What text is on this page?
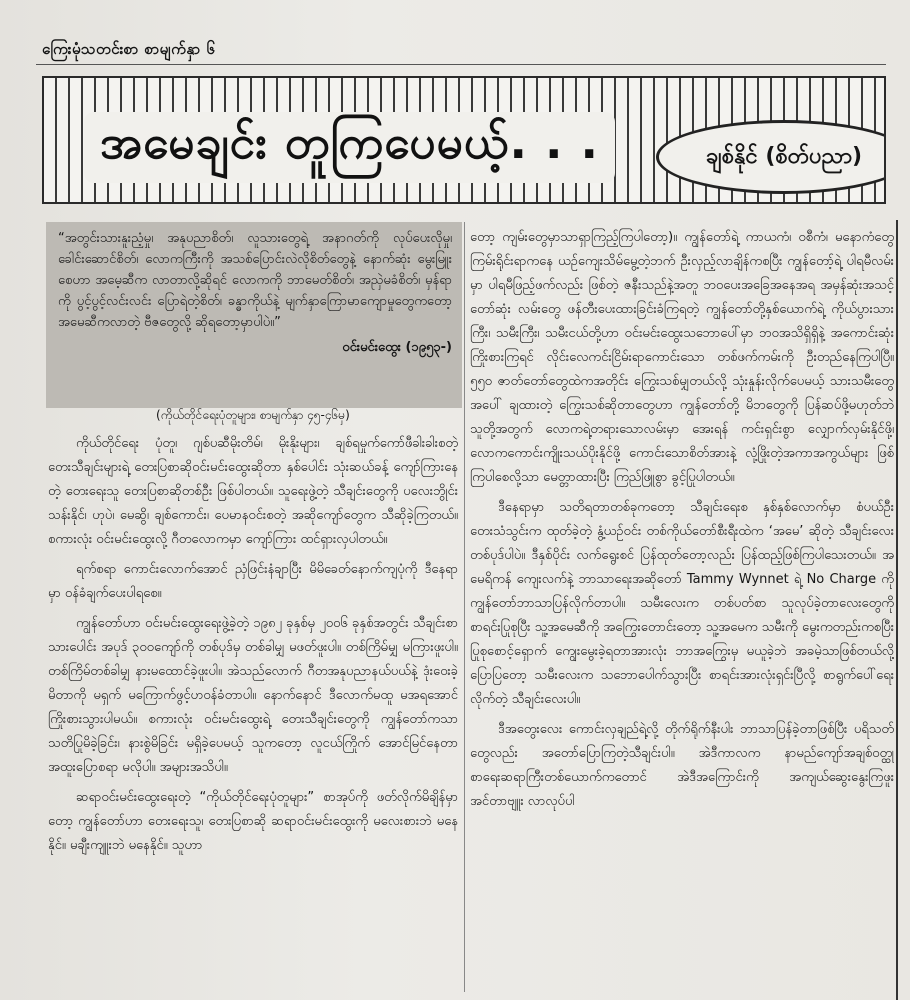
ကြေးမုံသတင်းစာ စာမျက်နှာ ၆
အမေချင်း တူကြပေမယ့်. . .	ချစ်နိုင် (စိတ်ပညာ)
“အတွင်းသားနူးညံ့မှု၊ အနုပညာစိတ်၊ လူသားတွေရဲ့ အနာဂတ်ကို လုပ်ပေးလိုမှု၊ ခေါင်းဆောင်စိတ်၊ လောကကြီးကို အသစ်ပြောင်းလဲလိုစိတ်တွေနဲ့ နောက်ဆုံး မွေးမြူးစေဟာ အမေ့ဆီက လာတာလို့ဆိုရင် လောကကို ဘာမေတ်စိတ်၊ အညှဲမခံစိတ်၊ မှန်ရာကို ပွင့်ပွင့်လင်းလင်း ပြောရဲတဲ့စိတ်၊ ခန္ဓာကိုယ်နဲ့ မျက်နှာကြောမာကျောမှုတွေကတော့ အမေဆီကလာတဲ့ ဗီဇတွေလို့ ဆိုရတော့မှာပါပဲ။”
ဝင်းမင်းထွေး (၁၉၅၃-)
(ကိုယ်တိုင်ရေးပုံတူများ၊ စာမျက်နှာ ၄၅-၄၆မှ)

ကိုယ်တိုင်ရေး ပုံတူ၊ ဂျစ်ပဆီမိုးတိမ်၊ မိုးနိုးများ၊ ချစ်ရမှုက်ကော်ဖီခါးခါးစတဲ့ တေးသီချင်းများရဲ့ တေးပြစာဆိုဝင်းမင်းထွေးဆိုတာ နှစ်ပေါင်း သုံးဆယ်ခန့် ကျော်ကြားနေတဲ့ တေးရေးသူ တေးပြစာဆိုတစ်ဦး ဖြစ်ပါတယ်။ သူရေးဖွဲ့တဲ့ သီချင်းတွေကို ပလေးဘွိုင်းသန်းနိုင်၊ ဟုပဲ၊ မေဆွိ၊ ချစ်ကောင်း၊ ပေမာနဝင်းစတဲ့ အဆိုကျော်တွေက သီဆိုခဲ့ကြတယ်။ စကားလုံး ဝင်းမင်းထွေးလို့ ဂီတလောကမှာ ကျော်ကြား ထင်ရှားလှပါတယ်။

ရက်စရာ ကောင်းလောက်အောင် ညှံဖြင်းနံချာပြီး မိမိခေတ်နောက်ကျပုံကို ဒီနေရာမှာ ဝန်ခံချက်ပေးပါရစေ။

ကျွန်တော်ဟာ ဝင်းမင်းထွေးရေးဖွဲ့ခဲ့တဲ့ ၁၉၈၂ ခုနှစ်မှ ၂၀၀၆ ခုနှစ်အတွင်း သီချင်းစာသားပေါင်း အပုဒ် ၃၀၀ကျော်ကို တစ်ပုဒ်မှ တစ်ခါမျှ မဖတ်ဖူးပါ။ တစ်ကြိမ်မျှ မကြားဖူးပါ။ တစ်ကြိမ်တစ်ခါမျှ နားမထောင်ခဲ့ဖူးပါ။ အဲသည်လောက် ဂီတအနုပညာနယ်ပယ်နဲ့ ဒုံးဝေးခဲ့ မိတာကို မရှက် မကြောက်ဖွင့်ဟဝန်ခံတာပါ။ နောက်နောင် ဒီလောက်မထူ မအရအောင် ကြိုးစားသွားပါမယ်။ စကားလုံး ဝင်းမင်းထွေးရဲ့ တေးသီချင်းတွေကို ကျွန်တော်ကသာ သတိပြုမိခဲ့ခြင်း၊ နားစွဲမိခြင်း မရှိခဲ့ပေမယ့် သူကတော့ လူငယ်ကြိုက် အောင်မြင်နေတာ အထူးပြောစရာ မလိုပါ။ အများအသိပါ။

ဆရာဝင်းမင်းထွေးရေးတဲ့ “ကိုယ်တိုင်ရေးပုံတူများ” စာအုပ်ကို ဖတ်လိုက်မိချိန်မှာတော့ ကျွန်တော်ဟာ တေးရေးသူ၊ တေးပြစာဆို ဆရာဝင်းမင်းထွေးကို မလေးစားဘဲ မနေနိုင်။ မချီးကျူးဘဲ မနေနိုင်။ သူဟာ

တော့ ကျမ်းတွေမှာသာရှာကြည့်ကြပါတော့)။ ကျွန်တော်ရဲ့ ကာယကံ၊ ဝစီကံ၊ မနောကံတွေ ကြမ်းရိုင်းရာကနေ ယဉ်ကျေးသိမ်မွေ့တဲ့ဘက် ဦးလှည့်လာချိန်ကစပြီး ကျွန်တော့်ရဲ့ ပါရမီလမ်းမှာ ပါရမီဖြည့်ဖက်လည်း ဖြစ်တဲ့ ဇနီးသည်နဲ့အတူ ဘဝပေးအခြေအနေအရ အမှန်ဆုံးအသင့်တော်ဆုံး လမ်းတွေ ဖန်တီးပေးထားခြင်းခံကြရတဲ့ ကျွန်တော်တို့နှစ်ယောက်ရဲ့ ကိုယ်ပွားသားကြီး၊ သမီးကြီး၊ သမီးငယ်တို့ဟာ ဝင်းမင်းထွေးသဘောပေါ်မှာ ဘဝအသိရှိရှိနဲ့ အကောင်းဆုံးကြိုးစားကြရင် လိုင်းလေကင်းငြိမ်းရာကောင်းသော တစ်ဖက်ကမ်းကို ဦးတည်နေကြပါပြီ။ ၅၅၀ ဇာတ်တော်တွေထဲကအတိုင်း ကြွေးသစ်မျှတယ်လို့ သုံးနှုန်းလိုက်ပေမယ့် သားသမီးတွေ အပေါ် ချထားတဲ့ ကြွေးသစ်ဆိုတာတွေဟာ ကျွန်တော်တို့ မိဘတွေကို ပြန်ဆပ်ဖို့မဟုတ်ဘဲ သူတို့အတွက် လောကရဲ့တရားသောလမ်းမှာ အေးရန် ကင်းရှင်းစွာ လျှောက်လှမ်းနိုင်ဖို့၊ လောကကောင်းကျိုးသယ်ပိုးနိုင်ဖို့ ကောင်းသောစိတ်အားနဲ့ လုံ့ဖြိုးတဲ့အကာအကွယ်များ ဖြစ်ကြပါစေလို့သာ မေတ္တာထားပြီး ကြည်ဖြူစွာ ခွင့်ပြုပါတယ်။

ဒီနေရာမှာ သတိရတာတစ်ခုကတော့ သီချင်းရေးစ နှစ်နှစ်လောက်မှာ စံပယ်ဦးတေးသံသွင်းက ထုတ်ခဲ့တဲ့ နွံ့ယဉ်ဝင်း တစ်ကိုယ်တော်စီးရီးထဲက ‘အမေ’ ဆိုတဲ့ သီချင်းလေးတစ်ပုဒ်ပါပဲ။ ဒီနှစ်ပိုင်း လက်ရွေးစင် ပြန်ထုတ်တော့လည်း ပြန်ထည့်ဖြစ်ကြပါသေးတယ်။ အမေရိကန် ကျေးလက်နဲ့ ဘာသာရေးအဆိုတော် Tammy Wynnet ရဲ့ No Charge ကို ကျွန်တော်ဘာသာပြန်လိုက်တာပါ။ သမီးလေးက တစ်ပတ်စာ သူလုပ်ခဲ့တာလေးတွေကို စာရင်းပြုစုပြီး သူ့အမေဆီကို အကြွေးတောင်းတော့ သူ့အမေက သမီးကို မွေးကတည်းကစပြီး ပြုစုစောင့်ရှောက် ကျွေးမွေးခဲ့ရတာအားလုံး ဘာအကြွေးမှ မယူခဲ့ဘဲ အခမဲ့သာဖြစ်တယ်လို့ ပြောပြတော့ သမီးလေးက သဘောပေါက်သွားပြီး စာရင်းအားလုံးရှင်းပြီလို့ စာရွက်ပေါ်ရေးလိုက်တဲ့ သီချင်းလေးပါ။

ဒီအတွေးလေး ကောင်းလှချည်ရဲ့လို့ တိုက်ရိုက်နီးပါး ဘာသာပြန်ခဲ့တာဖြစ်ပြီး ပရိသတ်တွေလည်း အတော်ပြောကြတဲ့သီချင်းပါ။ အဲဒီကာလက နာမည်ကျော်အချစ်ဝတ္ထု စာရေးဆရာကြီးတစ်ယောက်ကတောင် အဲဒီအကြောင်းကို အကျယ်ဆွေးနွေးကြဖူး အင်တာဗျူး လာလုပ်ပါ
